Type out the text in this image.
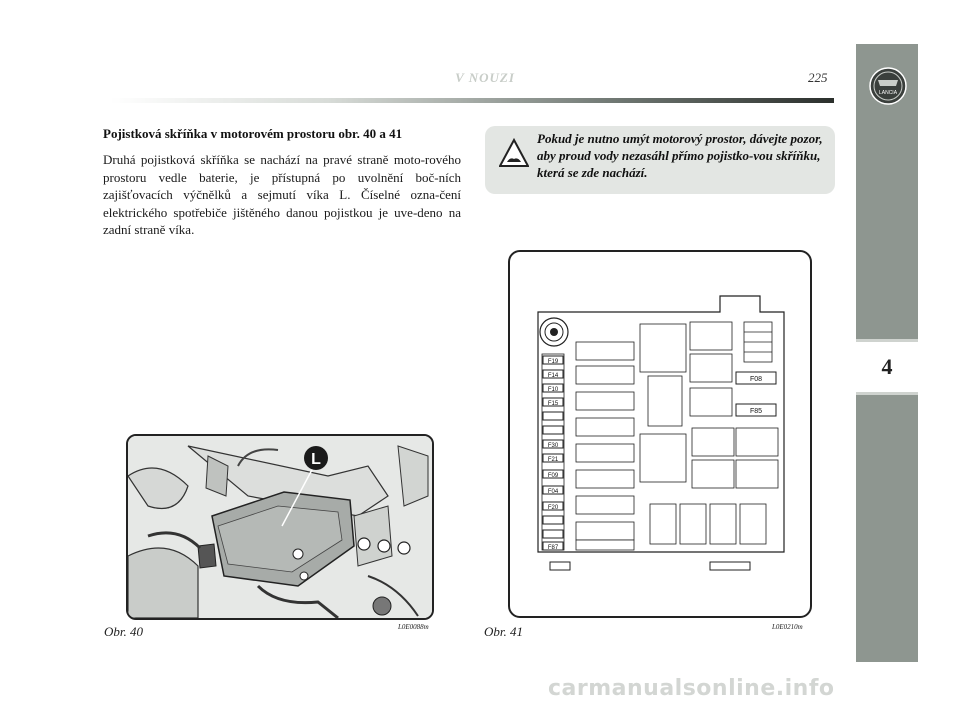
LANCIA
4
V NOUZI	225
Pojistková skříňka v motorovém prostoru obr. 40 a 41
Druhá pojistková skříňka se nachází na pravé straně moto-rového prostoru vedle baterie, je přístupná po uvolnění boč-ních zajišťovacích výčnělků a sejmutí víka L. Číselné ozna-čení elektrického spotřebiče jištěného danou pojistkou je uve-deno na zadní straně víka.
Pokud je nutno umýt motorový prostor, dávejte pozor, aby proud vody nezasáhl přímo pojistko-vou skříňku, která se zde nachází.
L
Obr. 40	L0E0088m
F19
F14
F10
F15
F30
F21
F09
F04
F20
F87
F08
F85
Obr. 41	L0E0210m
carmanualsonline.info
